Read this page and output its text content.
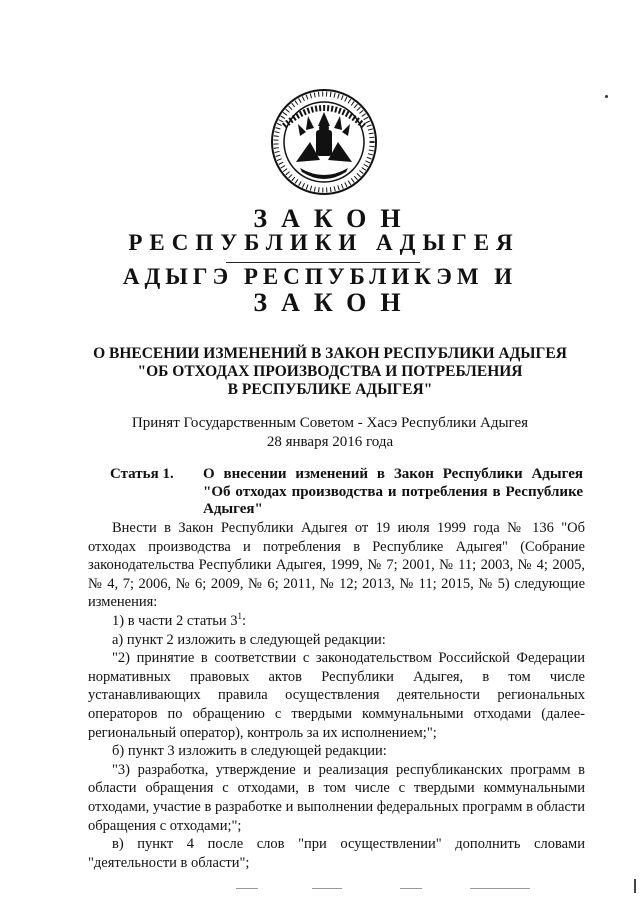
ЗАКОН
РЕСПУБЛИКИ АДЫГЕЯ
АДЫГЭ РЕСПУБЛИКЭМ И
ЗАКОН
О ВНЕСЕНИИ ИЗМЕНЕНИЙ В ЗАКОН РЕСПУБЛИКИ АДЫГЕЯ
"ОБ ОТХОДАХ ПРОИЗВОДСТВА И ПОТРЕБЛЕНИЯ
В РЕСПУБЛИКЕ АДЫГЕЯ"
Принят Государственным Советом - Хасэ Республики Адыгея
28 января 2016 года
Статья 1. О внесении изменений в Закон Республики Адыгея "Об отходах производства и потребления в Республике Адыгея"

Внести в Закон Республики Адыгея от 19 июля 1999 года № 136 "Об отходах производства и потребления в Республике Адыгея" (Собрание законодательства Республики Адыгея, 1999, № 7; 2001, № 11; 2003, № 4; 2005, № 4, 7; 2006, № 6; 2009, № 6; 2011, № 12; 2013, № 11; 2015, № 5) следующие изменения:

1) в части 2 статьи $3^1$:

а) пункт 2 изложить в следующей редакции:

"2) принятие в соответствии с законодательством Российской Федерации нормативных правовых актов Республики Адыгея, в том числе устанавливающих правила осуществления деятельности региональных операторов по обращению с твердыми коммунальными отходами (далее- региональный оператор), контроль за их исполнением;";

б) пункт 3 изложить в следующей редакции:

"3) разработка, утверждение и реализация республиканских программ в области обращения с отходами, в том числе с твердыми коммунальными отходами, участие в разработке и выполнении федеральных программ в области обращения с отходами;";

в) пункт 4 после слов "при осуществлении" дополнить словами "деятельности в области";
